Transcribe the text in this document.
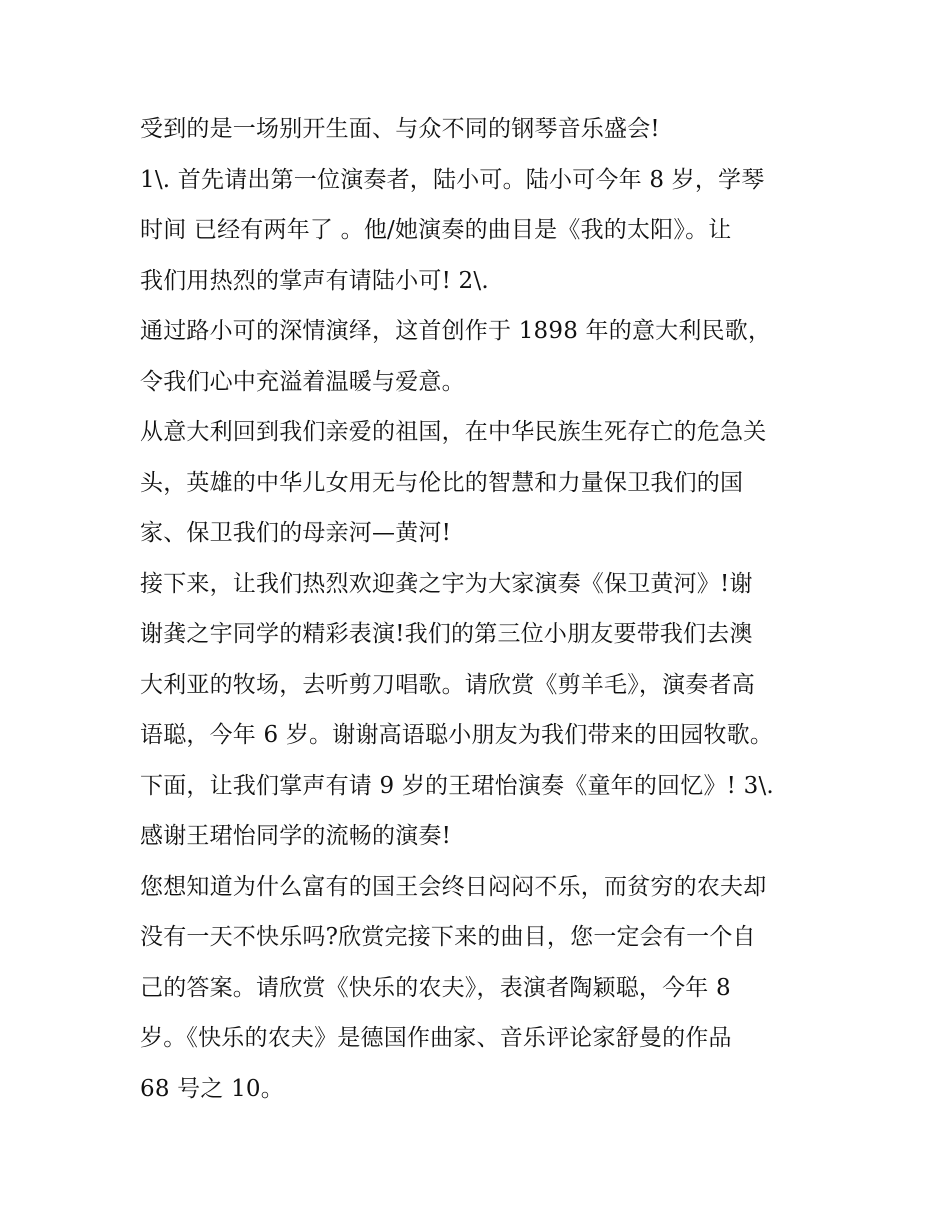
受到的是一场别开生面、与众不同的钢琴音乐盛会!
1\. 首先请出第一位演奏者，陆小可。陆小可今年 8 岁，学琴
时间 已经有两年了 。他/她演奏的曲目是《我的太阳》。让
我们用热烈的掌声有请陆小可! 2\.
通过路小可的深情演绎，这首创作于 1898 年的意大利民歌，
令我们心中充溢着温暖与爱意。
从意大利回到我们亲爱的祖国，在中华民族生死存亡的危急关
头，英雄的中华儿女用无与伦比的智慧和力量保卫我们的国
家、保卫我们的母亲河—黄河!
接下来，让我们热烈欢迎龚之宇为大家演奏《保卫黄河》!谢
谢龚之宇同学的精彩表演!我们的第三位小朋友要带我们去澳
大利亚的牧场，去听剪刀唱歌。请欣赏《剪羊毛》，演奏者高
语聪，今年 6 岁。谢谢高语聪小朋友为我们带来的田园牧歌。
下面，让我们掌声有请 9 岁的王珺怡演奏《童年的回忆》! 3\.
感谢王珺怡同学的流畅的演奏!
您想知道为什么富有的国王会终日闷闷不乐，而贫穷的农夫却
没有一天不快乐吗?欣赏完接下来的曲目，您一定会有一个自
己的答案。请欣赏《快乐的农夫》，表演者陶颖聪，今年 8
岁。《快乐的农夫》是德国作曲家、音乐评论家舒曼的作品
68 号之 10。
